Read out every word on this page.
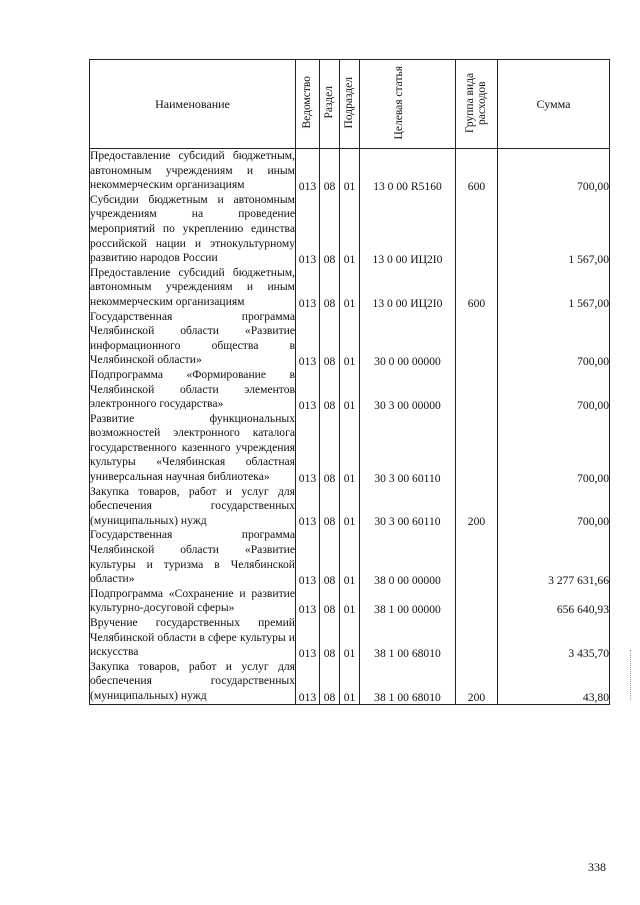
Наименование	Ведомство	Раздел	Подраздел	Целевая статья	Группа вида расходов	Сумма
Предоставление субсидий бюджетным, автономным учреждениям и иным некоммерческим организациям	013	08	01	13 0 00 R5160	600	700,00
Субсидии бюджетным и автономным учреждениям на проведение мероприятий по укреплению единства российской нации и этнокультурному развитию народов России	013	08	01	13 0 00 ИЦ2I0		1 567,00
Предоставление субсидий бюджетным, автономным учреждениям и иным некоммерческим организациям	013	08	01	13 0 00 ИЦ2I0	600	1 567,00
Государственная программа Челябинской области «Развитие информационного общества в Челябинской области»	013	08	01	30 0 00 00000		700,00
Подпрограмма «Формирование в Челябинской области элементов электронного государства»	013	08	01	30 3 00 00000		700,00
Развитие функциональных возможностей электронного каталога государственного казенного учреждения культуры «Челябинская областная универсальная научная библиотека»	013	08	01	30 3 00 60110		700,00
Закупка товаров, работ и услуг для обеспечения государственных (муниципальных) нужд	013	08	01	30 3 00 60110	200	700,00
Государственная программа Челябинской области «Развитие культуры и туризма в Челябинской области»	013	08	01	38 0 00 00000		3 277 631,66
Подпрограмма «Сохранение и развитие культурно-досуговой сферы»	013	08	01	38 1 00 00000		656 640,93
Вручение государственных премий Челябинской области в сфере культуры и искусства	013	08	01	38 1 00 68010		3 435,70
Закупка товаров, работ и услуг для обеспечения государственных (муниципальных) нужд	013	08	01	38 1 00 68010	200	43,80
338
